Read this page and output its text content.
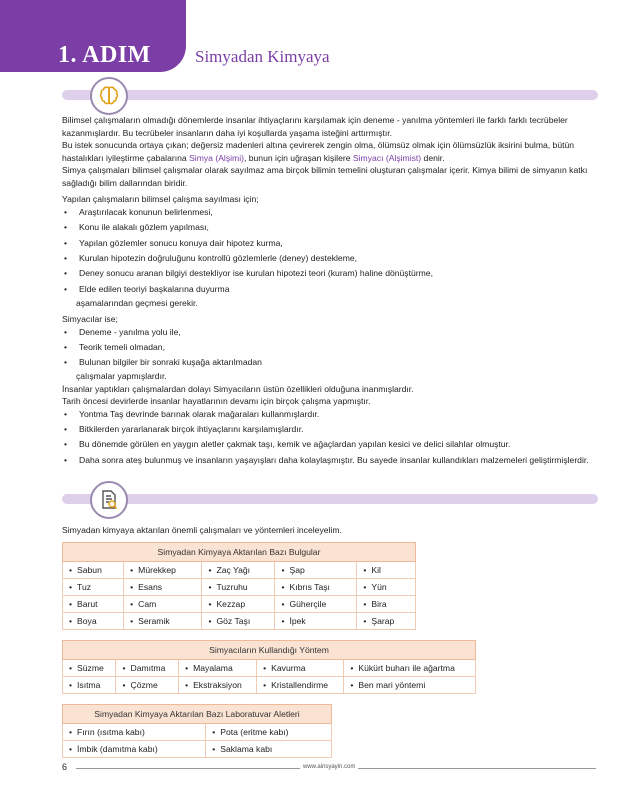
1. ADIM	Simyadan Kimyaya

Bilimsel çalışmaların olmadığı dönemlerde insanlar ihtiyaçlarını karşılamak için deneme - yanılma yöntemleri ile farklı farklı tecrübeler kazanmışlardır. Bu tecrübeler insanların daha iyi koşullarda yaşama isteğini arttırmıştır.

Bu istek sonucunda ortaya çıkan; değersiz madenleri altına çevirerek zengin olma, ölümsüz olmak için ölümsüzlük iksirini bulma, bütün hastalıkları iyileştirme çabalarına Simya (Alşimi), bunun için uğraşan kişilere Simyacı (Alşimist) denir.

Simya çalışmaları bilimsel çalışmalar olarak sayılmaz ama birçok bilimin temelini oluşturan çalışmalar içerir. Kimya bilimi de simyanın katkı sağladığı bilim dallarından biridir.

Yapılan çalışmaların bilimsel çalışma sayılması için;

• Araştırılacak konunun belirlenmesi,
• Konu ile alakalı gözlem yapılması,
• Yapılan gözlemler sonucu konuya dair hipotez kurma,
• Kurulan hipotezin doğruluğunu kontrollü gözlemlerle (deney) destekleme,
• Deney sonucu aranan bilgiyi destekliyor ise kurulan hipotezi teori (kuram) haline dönüştürme,
• Elde edilen teoriyi başkalarına duyurma

aşamalarından geçmesi gerekir.

Simyacılar ise;

• Deneme - yanılma yolu ile,
• Teorik temeli olmadan,
• Bulunan bilgiler bir sonraki kuşağa aktarılmadan

çalışmalar yapmışlardır.

İnsanlar yaptıkları çalışmalardan dolayı Simyacıların üstün özellikleri olduğuna inanmışlardır.

Tarih öncesi devirlerde insanlar hayatlarının devamı için birçok çalışma yapmıştır.

• Yontma Taş devrinde barınak olarak mağaraları kullanmışlardır.
• Bitkilerden yararlanarak birçok ihtiyaçlarını karşılamışlardır.
• Bu dönemde görülen en yaygın aletler çakmak taşı, kemik ve ağaçlardan yapılan kesici ve delici silahlar olmuştur.
• Daha sonra ateş bulunmuş ve insanların yaşayışları daha kolaylaşmıştır. Bu sayede insanlar kullandıkları malzemeleri geliştirmişlerdir.
Simyadan kimyaya aktarılan önemli çalışmaları ve yöntemleri inceleyelim.
Simyadan Kimyaya Aktarılan Bazı Bulgular				
• Sabun	• Mürekkep	• Zaç Yağı	• Şap	• Kil
• Tuz	• Esans	• Tuzruhu	• Kıbrıs Taşı	• Yün
• Barut	• Cam	• Kezzap	• Güherçile	• Bira
• Boya	• Seramik	• Göz Taşı	• İpek	• Şarap
Simyacıların Kullandığı Yöntem				
• Süzme	• Damıtma	• Mayalama	• Kavurma	• Kükürt buharı ile ağartma
• Isıtma	• Çözme	• Ekstraksiyon	• Kristallendirme	• Ben mari yöntemi
Simyadan Kimyaya Aktarılan Bazı Laboratuvar Aletleri	
• Fırın (ısıtma kabı)	• Pota (eritme kabı)
• İmbik (damıtma kabı)	• Saklama kabı
6	www.ainsyayin.com
